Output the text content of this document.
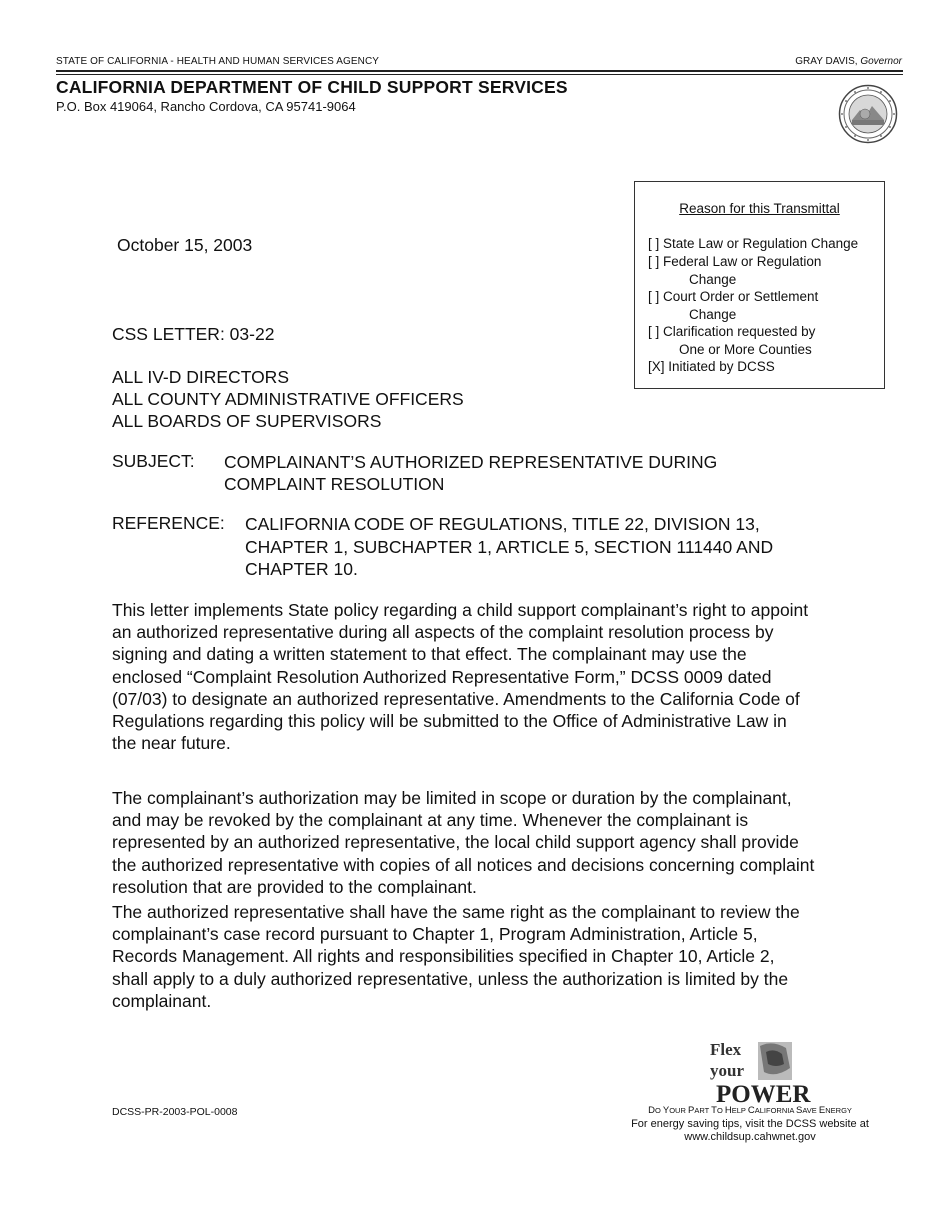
STATE OF CALIFORNIA - HEALTH AND HUMAN SERVICES AGENCY	GRAY DAVIS, Governor
CALIFORNIA DEPARTMENT OF CHILD SUPPORT SERVICES
P.O. Box 419064, Rancho Cordova, CA 95741-9064
Reason for this Transmittal
[ ] State Law or Regulation Change
[ ] Federal Law or Regulation
Change
[ ] Court Order or Settlement
Change
[ ] Clarification requested by
One or More Counties
[X] Initiated by DCSS
October 15, 2003
CSS LETTER: 03-22
ALL IV-D DIRECTORS
ALL COUNTY ADMINISTRATIVE OFFICERS
ALL BOARDS OF SUPERVISORS
SUBJECT: COMPLAINANT’S AUTHORIZED REPRESENTATIVE DURING
COMPLAINT RESOLUTION
REFERENCE: CALIFORNIA CODE OF REGULATIONS, TITLE 22, DIVISION 13,
CHAPTER 1, SUBCHAPTER 1, ARTICLE 5, SECTION 111440 AND
CHAPTER 10.
This letter implements State policy regarding a child support complainant’s right to appoint
an authorized representative during all aspects of the complaint resolution process by
signing and dating a written statement to that effect. The complainant may use the
enclosed “Complaint Resolution Authorized Representative Form,” DCSS 0009 dated
(07/03) to designate an authorized representative. Amendments to the California Code of
Regulations regarding this policy will be submitted to the Office of Administrative Law in
the near future.
The complainant’s authorization may be limited in scope or duration by the complainant,
and may be revoked by the complainant at any time. Whenever the complainant is
represented by an authorized representative, the local child support agency shall provide
the authorized representative with copies of all notices and decisions concerning complaint
resolution that are provided to the complainant.
The authorized representative shall have the same right as the complainant to review the
complainant’s case record pursuant to Chapter 1, Program Administration, Article 5,
Records Management. All rights and responsibilities specified in Chapter 10, Article 2,
shall apply to a duly authorized representative, unless the authorization is limited by the
complainant.
DCSS-PR-2003-POL-0008
Flex
your
POWER
DO YOUR PART TO HELP CALIFORNIA SAVE ENERGY
For energy saving tips, visit the DCSS website at
www.childsup.cahwnet.gov
